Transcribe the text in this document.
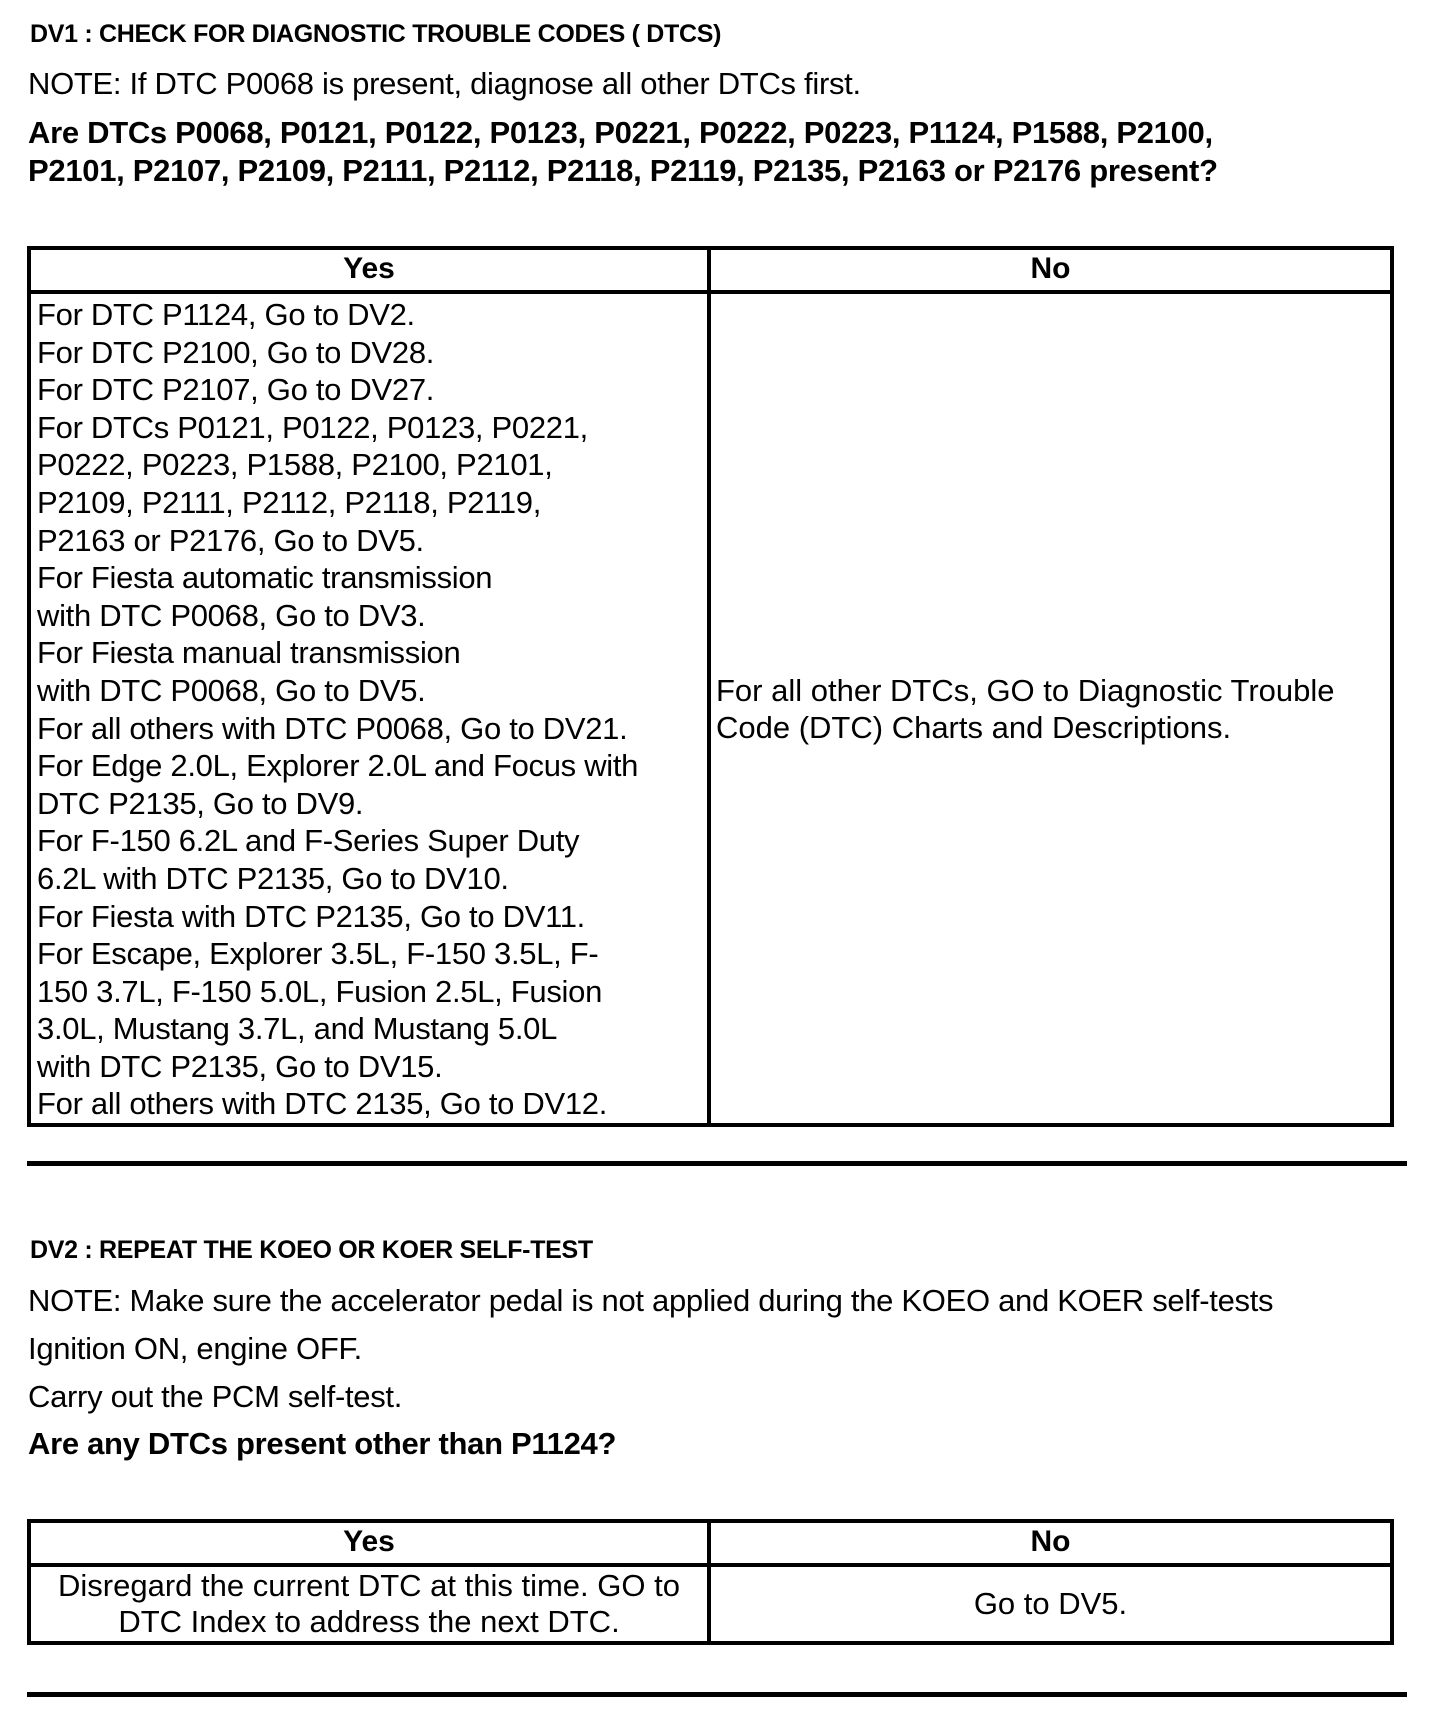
DV1 : CHECK FOR DIAGNOSTIC TROUBLE CODES ( DTCS)
NOTE: If DTC P0068 is present, diagnose all other DTCs first.
Are DTCs P0068, P0121, P0122, P0123, P0221, P0222, P0223, P1124, P1588, P2100,
P2101, P2107, P2109, P2111, P2112, P2118, P2119, P2135, P2163 or P2176 present?
Yes	No
For DTC P1124, Go to DV2.
For DTC P2100, Go to DV28.
For DTC P2107, Go to DV27.
For DTCs P0121, P0122, P0123, P0221,
P0222, P0223, P1588, P2100, P2101,
P2109, P2111, P2112, P2118, P2119,
P2163 or P2176, Go to DV5.
For Fiesta automatic transmission
with DTC P0068, Go to DV3.
For Fiesta manual transmission
with DTC P0068, Go to DV5.
For all others with DTC P0068, Go to DV21.
For Edge 2.0L, Explorer 2.0L and Focus with
DTC P2135, Go to DV9.
For F-150 6.2L and F-Series Super Duty
6.2L with DTC P2135, Go to DV10.
For Fiesta with DTC P2135, Go to DV11.
For Escape, Explorer 3.5L, F-150 3.5L, F-
150 3.7L, F-150 5.0L, Fusion 2.5L, Fusion
3.0L, Mustang 3.7L, and Mustang 5.0L
with DTC P2135, Go to DV15.
For all others with DTC 2135, Go to DV12.
For all other DTCs, GO to Diagnostic Trouble
Code (DTC) Charts and Descriptions.
DV2 : REPEAT THE KOEO OR KOER SELF-TEST
NOTE: Make sure the accelerator pedal is not applied during the KOEO and KOER self-tests
Ignition ON, engine OFF.
Carry out the PCM self-test.
Are any DTCs present other than P1124?
Yes	No
Disregard the current DTC at this time. GO to
DTC Index to address the next DTC.
Go to DV5.
